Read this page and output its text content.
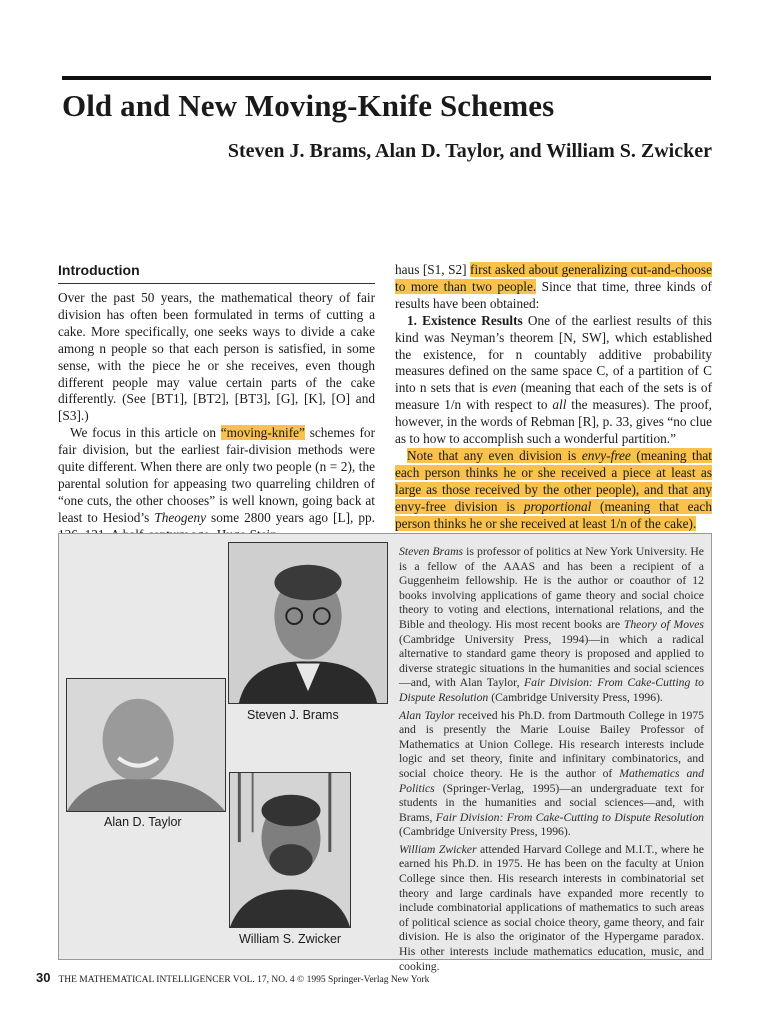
Old and New Moving-Knife Schemes
Steven J. Brams, Alan D. Taylor, and William S. Zwicker
Introduction

Over the past 50 years, the mathematical theory of fair division has often been formulated in terms of cutting a cake. More specifically, one seeks ways to divide a cake among n people so that each person is satisfied, in some sense, with the piece he or she receives, even though different people may value certain parts of the cake differently. (See [BT1], [BT2], [BT3], [G], [K], [O] and [S3].)

We focus in this article on “moving-knife” schemes for fair division, but the earliest fair-division methods were quite different. When there are only two people (n = 2), the parental solution for appeasing two quarreling children of “one cuts, the other chooses” is well known, going back at least to Hesiod’s Theogeny some 2800 years ago [L], pp.

haus [S1, S2] first asked about generalizing cut-and-choose to more than two people. Since that time, three kinds of results have been obtained:

1. Existence Results One of the earliest results of this kind was Neyman’s theorem [N, SW], which established the existence, for n countably additive probability measures defined on the same space C, of a partition of C into n sets that is even (meaning that each of the sets is of measure 1/n with respect to all the measures). The proof, however, in the words of Rebman [R], p. 33, gives “no clue as to how to accomplish such a wonderful partition.”

Note that any even division is envy-free (meaning that each person thinks he or she received a piece at least as large as those received by the other people), and that any envy-free division is proportional (meaning that each person thinks he or she received at least 1/n of the cake).

Steven J. Brams
Alan D. Taylor
William S. Zwicker

Steven Brams is professor of politics at New York University. He is a fellow of the AAAS and has been a recipient of a Guggenheim fellowship. He is the author or coauthor of 12 books involving applications of game theory and social choice theory to voting and elections, international relations, and the Bible and theology. His most recent books are Theory of Moves (Cambridge University Press, 1994)—in which a radical alternative to standard game theory is proposed and applied to diverse strategic situations in the humanities and social sciences—and, with Alan Taylor, Fair Division: From Cake-Cutting to Dispute Resolution (Cambridge University Press, 1996).

Alan Taylor received his Ph.D. from Dartmouth College in 1975 and is presently the Marie Louise Bailey Professor of Mathematics at Union College. His research interests include logic and set theory, finite and infinitary combinatorics, and social choice theory. He is the author of Mathematics and Politics (Springer-Verlag, 1995)—an undergraduate text for students in the humanities and social sciences—and, with Brams, Fair Division: From Cake-Cutting to Dispute Resolution (Cambridge University Press, 1996).

William Zwicker attended Harvard College and M.I.T., where he earned his Ph.D. in 1975. He has been on the faculty at Union College since then. His research interests in combinatorial set theory and large cardinals have expanded more recently to include combinatorial applications of mathematics to such areas of political science as social choice theory, game theory, and fair division. He is also the originator of the Hypergame paradox. His other interests include mathematics education, music, and cooking.

30 THE MATHEMATICAL INTELLIGENCER VOL. 17, NO. 4 © 1995 Springer-Verlag New York
